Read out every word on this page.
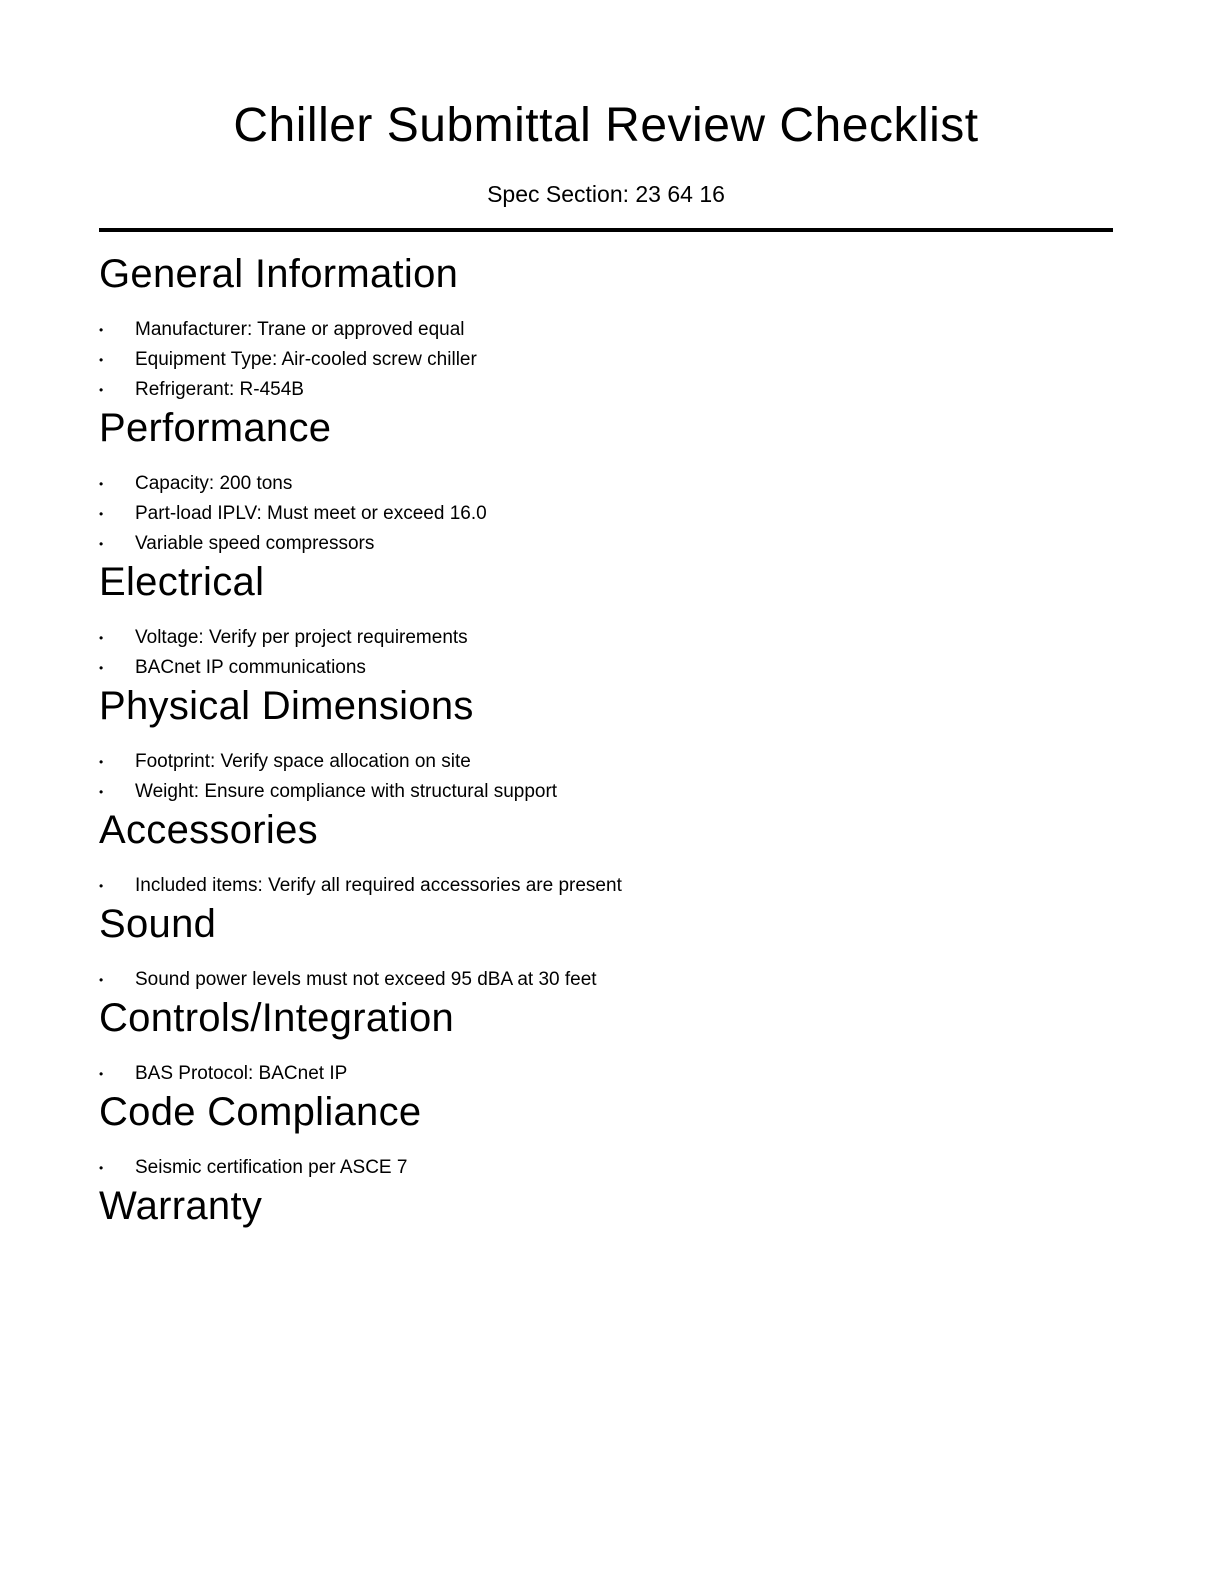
Chiller Submittal Review Checklist
Spec Section: 23 64 16
General Information
• Manufacturer: Trane or approved equal
• Equipment Type: Air-cooled screw chiller
• Refrigerant: R-454B
Performance
• Capacity: 200 tons
• Part-load IPLV: Must meet or exceed 16.0
• Variable speed compressors
Electrical
• Voltage: Verify per project requirements
• BACnet IP communications
Physical Dimensions
• Footprint: Verify space allocation on site
• Weight: Ensure compliance with structural support
Accessories
• Included items: Verify all required accessories are present
Sound
• Sound power levels must not exceed 95 dBA at 30 feet
Controls/Integration
• BAS Protocol: BACnet IP
Code Compliance
• Seismic certification per ASCE 7
Warranty
